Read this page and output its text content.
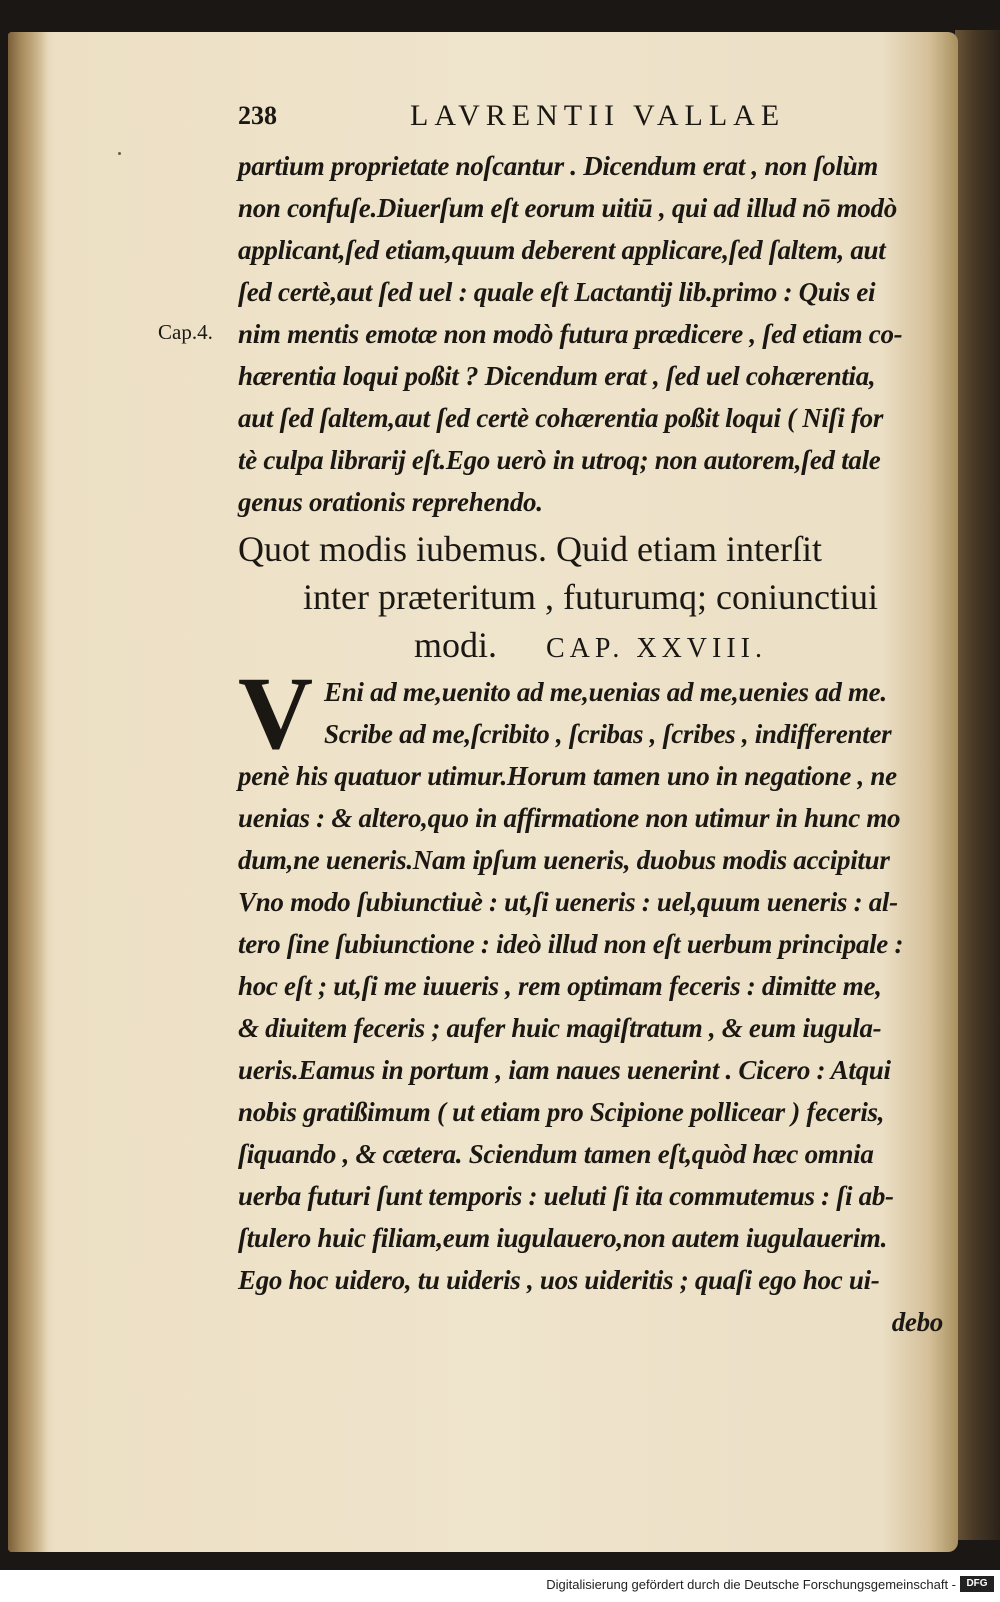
Cap.4.
238	LAVRENTII VALLAE
partium proprietate noſcantur . Dicendum erat , non ſolùm
non confuſe.Diuerſum eſt eorum uitiū , qui ad illud nō modò
applicant,ſed etiam,quum deberent applicare,ſed ſaltem, aut
ſed certè,aut ſed uel : quale eſt Lactantij lib.primo : Quis ei
nim mentis emotæ non modò futura prædicere , ſed etiam co-
hærentia loqui poßit ? Dicendum erat , ſed uel cohærentia,
aut ſed ſaltem,aut ſed certè cohærentia poßit loqui ( Niſi for
tè culpa librarij eſt.Ego uerò in utroq; non autorem,ſed tale
genus orationis reprehendo.
Quot modis iubemus. Quid etiam interſit
inter præteritum , futurumq; coniunctiui
modi. CAP. XXVIII.
V Eni ad me,uenito ad me,uenias ad me,uenies ad me.
Scribe ad me,ſcribito , ſcribas , ſcribes , indifferenter
penè his quatuor utimur.Horum tamen uno in negatione , ne
uenias : & altero,quo in affirmatione non utimur in hunc mo
dum,ne ueneris.Nam ipſum ueneris, duobus modis accipitur
Vno modo ſubiunctiuè : ut,ſi ueneris : uel,quum ueneris : al-
tero ſine ſubiunctione : ideò illud non eſt uerbum principale :
hoc eſt ; ut,ſi me iuueris , rem optimam feceris : dimitte me,
& diuitem feceris ; aufer huic magiſtratum , & eum iugula-
ueris.Eamus in portum , iam naues uenerint . Cicero : Atqui
nobis gratißimum ( ut etiam pro Scipione pollicear ) feceris,
ſiquando , & cætera. Sciendum tamen eſt,quòd hæc omnia
uerba futuri ſunt temporis : ueluti ſi ita commutemus : ſi ab-
ſtulero huic filiam,eum iugulauero,non autem iugulauerim.
Ego hoc uidero, tu uideris , uos uideritis ; quaſi ego hoc ui-
debo
Digitalisierung gefördert durch die Deutsche Forschungsgemeinschaft -	DFG
